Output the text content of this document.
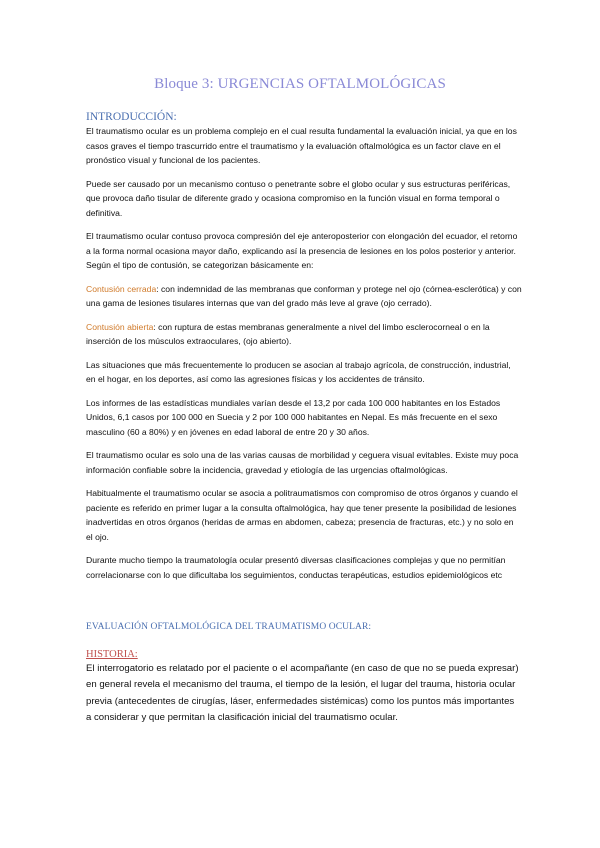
Bloque 3: URGENCIAS OFTALMOLÓGICAS
INTRODUCCIÓN:

El traumatismo ocular es un problema complejo en el cual resulta fundamental la evaluación inicial, ya que en los casos graves el tiempo trascurrido entre el traumatismo y la evaluación oftalmológica es un factor clave en el pronóstico visual y funcional de los pacientes.

Puede ser causado por un mecanismo contuso o penetrante sobre el globo ocular y sus estructuras periféricas, que provoca daño tisular de diferente grado y ocasiona compromiso en la función visual en forma temporal o definitiva.

El traumatismo ocular contuso provoca compresión del eje anteroposterior con elongación del ecuador, el retorno a la forma normal ocasiona mayor daño, explicando así la presencia de lesiones en los polos posterior y anterior. Según el tipo de contusión, se categorizan básicamente en:

Contusión cerrada: con indemnidad de las membranas que conforman y protege nel ojo (córnea-esclerótica) y con una gama de lesiones tisulares internas que van del grado más leve al grave (ojo cerrado).

Contusión abierta: con ruptura de estas membranas generalmente a nivel del limbo esclerocorneal o en la inserción de los músculos extraoculares, (ojo abierto).

Las situaciones que más frecuentemente lo producen se asocian al trabajo agrícola, de construcción, industrial, en el hogar, en los deportes, así como las agresiones físicas y los accidentes de tránsito.

Los informes de las estadísticas mundiales varían desde el 13,2 por cada 100 000 habitantes en los Estados Unidos, 6,1 casos por 100 000 en Suecia y 2 por 100 000 habitantes en Nepal. Es más frecuente en el sexo masculino (60 a 80%) y en jóvenes en edad laboral de entre 20 y 30 años.

El traumatismo ocular es solo una de las varias causas de morbilidad y ceguera visual evitables. Existe muy poca información confiable sobre la incidencia, gravedad y etiología de las urgencias oftalmológicas.

Habitualmente el traumatismo ocular se asocia a politraumatismos con compromiso de otros órganos y cuando el paciente es referido en primer lugar a la consulta oftalmológica, hay que tener presente la posibilidad de lesiones inadvertidas en otros órganos (heridas de armas en abdomen, cabeza; presencia de fracturas, etc.) y no solo en el ojo.

Durante mucho tiempo la traumatología ocular presentó diversas clasificaciones complejas y que no permitían correlacionarse con lo que dificultaba los seguimientos, conductas terapéuticas, estudios epidemiológicos etc

EVALUACIÓN OFTALMOLÓGICA DEL TRAUMATISMO OCULAR:
HISTORIA:

El interrogatorio es relatado por el paciente o el acompañante (en caso de que no se pueda expresar) en general revela el mecanismo del trauma, el tiempo de la lesión, el lugar del trauma, historia ocular previa (antecedentes de cirugías, láser, enfermedades sistémicas) como los puntos más importantes a considerar y que permitan la clasificación inicial del traumatismo ocular.
